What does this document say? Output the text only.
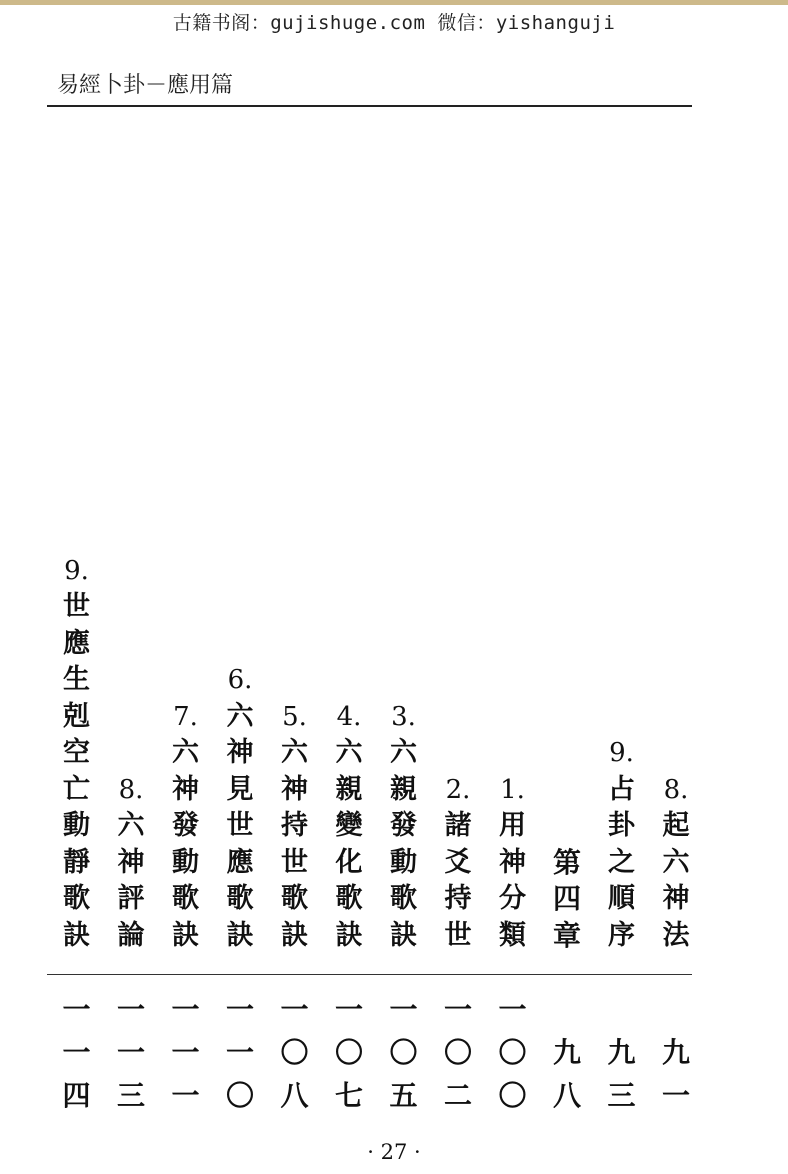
古籍书阁：gujishuge.com 微信：yishanguji
易經卜卦－應用篇
8.
起
六
神
法
九
一
9.
占
卦
之
順
序
九
三
第
四
章
九
八
1.
用
神
分
類
一
〇
〇
2.
諸
爻
持
世
一
〇
二
3.
六
親
發
動
歌
訣
一
〇
五
4.
六
親
變
化
歌
訣
一
〇
七
5.
六
神
持
世
歌
訣
一
〇
八
6.
六
神
見
世
應
歌
訣
一
一
〇
7.
六
神
發
動
歌
訣
一
一
一
8.
六
神
評
論
一
一
三
9.
世
應
生
剋
空
亡
動
靜
歌
訣
一
一
四
· 27 ·
